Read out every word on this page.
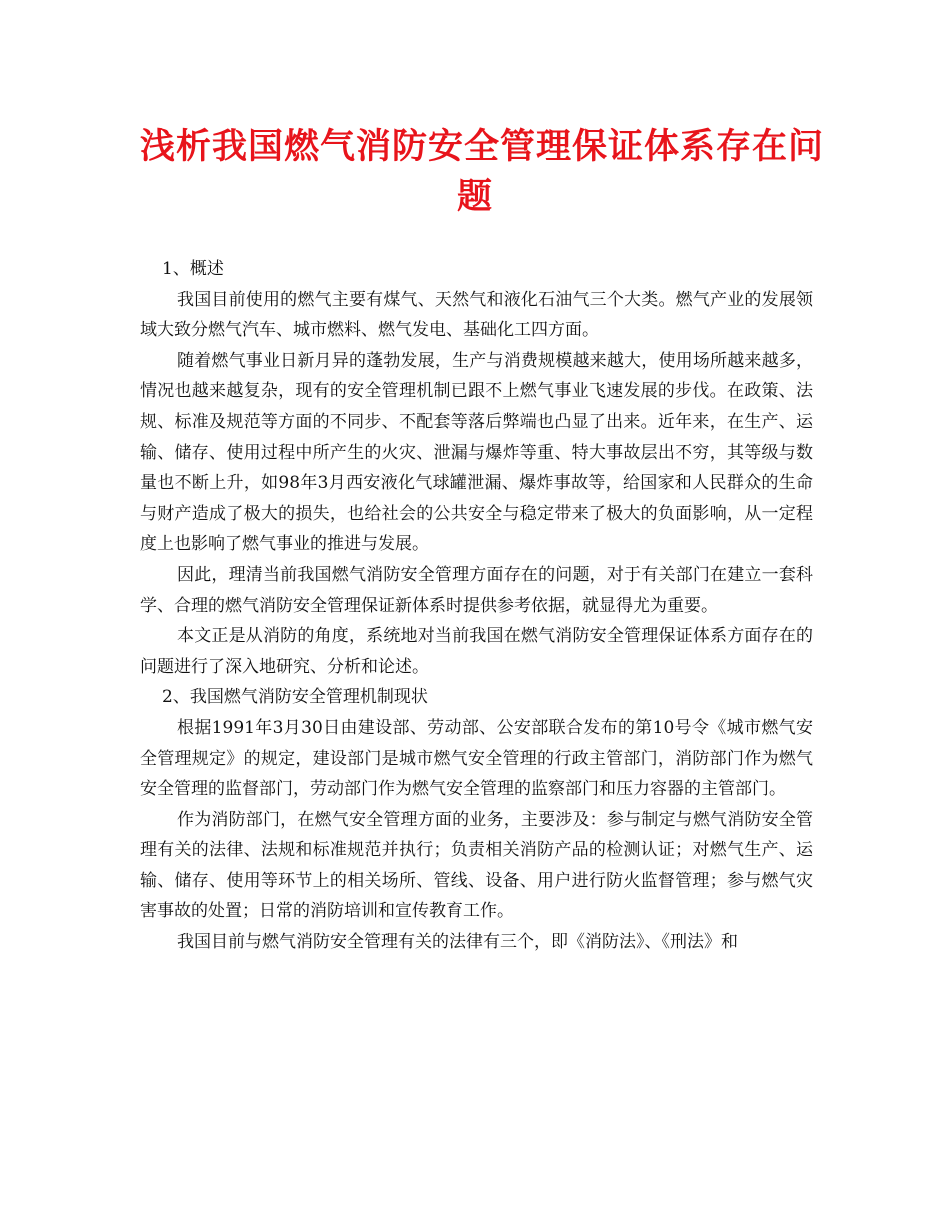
浅析我国燃气消防安全管理保证体系存在问
题

1、概述

我国目前使用的燃气主要有煤气、天然气和液化石油气三个大类。燃气产业的发展领域大致分燃气汽车、城市燃料、燃气发电、基础化工四方面。

随着燃气事业日新月异的蓬勃发展，生产与消费规模越来越大，使用场所越来越多，情况也越来越复杂，现有的安全管理机制已跟不上燃气事业飞速发展的步伐。在政策、法规、标准及规范等方面的不同步、不配套等落后弊端也凸显了出来。近年来，在生产、运输、储存、使用过程中所产生的火灾、泄漏与爆炸等重、特大事故层出不穷，其等级与数量也不断上升，如98年3月西安液化气球罐泄漏、爆炸事故等，给国家和人民群众的生命与财产造成了极大的损失，也给社会的公共安全与稳定带来了极大的负面影响，从一定程度上也影响了燃气事业的推进与发展。

因此，理清当前我国燃气消防安全管理方面存在的问题，对于有关部门在建立一套科学、合理的燃气消防安全管理保证新体系时提供参考依据，就显得尤为重要。

本文正是从消防的角度，系统地对当前我国在燃气消防安全管理保证体系方面存在的问题进行了深入地研究、分析和论述。

2、我国燃气消防安全管理机制现状

根据1991年3月30日由建设部、劳动部、公安部联合发布的第10号令《城市燃气安全管理规定》的规定，建设部门是城市燃气安全管理的行政主管部门，消防部门作为燃气安全管理的监督部门，劳动部门作为燃气安全管理的监察部门和压力容器的主管部门。

作为消防部门，在燃气安全管理方面的业务，主要涉及：参与制定与燃气消防安全管理有关的法律、法规和标准规范并执行；负责相关消防产品的检测认证；对燃气生产、运输、储存、使用等环节上的相关场所、管线、设备、用户进行防火监督管理；参与燃气灾害事故的处置；日常的消防培训和宣传教育工作。

我国目前与燃气消防安全管理有关的法律有三个，即《消防法》、《刑法》和
